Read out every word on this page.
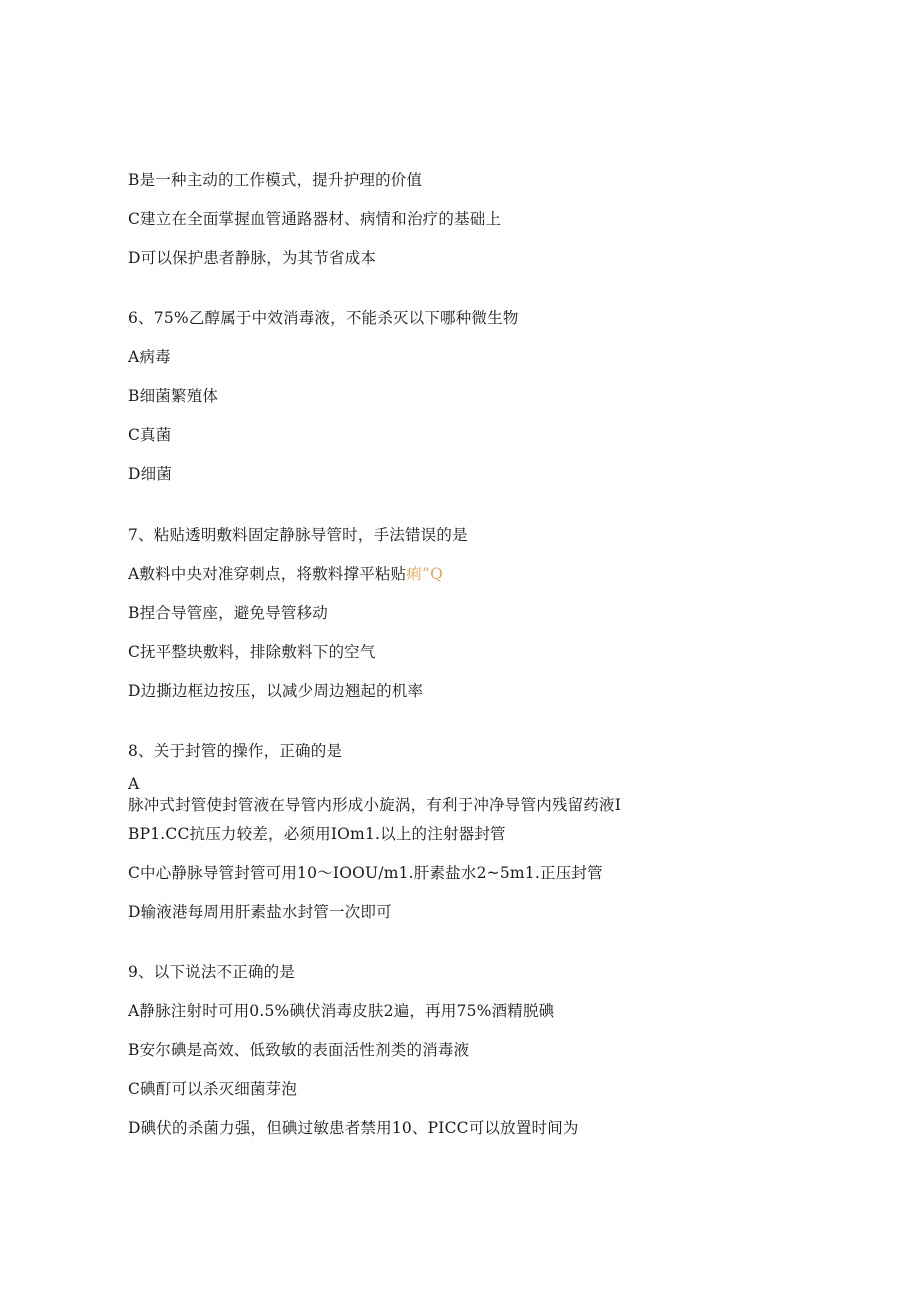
B是一种主动的工作模式，提升护理的价值
C建立在全面掌握血管通路器材、病情和治疗的基础上
D可以保护患者静脉，为其节省成本
6、75%乙醇属于中效消毒液，不能杀灭以下哪种微生物
A病毒
B细菌繁殖体
C真菌
D细菌
7、粘贴透明敷料固定静脉导管时，手法错误的是
A敷料中央对准穿刺点，将敷料撑平粘贴痢”Q
B捏合导管座，避免导管移动
C抚平整块敷料，排除敷料下的空气
D边撕边框边按压，以减少周边翘起的机率
8、关于封管的操作，正确的是
A
脉冲式封管使封管液在导管内形成小旋涡，有利于冲净导管内残留药液I
BP1.CC抗压力较差，必须用IOm1.以上的注射器封管
C中心静脉导管封管可用10～IOOU/m1.肝素盐水2~5m1.正压封管
D输液港每周用肝素盐水封管一次即可
9、以下说法不正确的是
A静脉注射时可用0.5%碘伏消毒皮肤2遍，再用75%酒精脱碘
B安尔碘是高效、低致敏的表面活性剂类的消毒液
C碘酊可以杀灭细菌芽泡
D碘伏的杀菌力强，但碘过敏患者禁用10、PICC可以放置时间为
